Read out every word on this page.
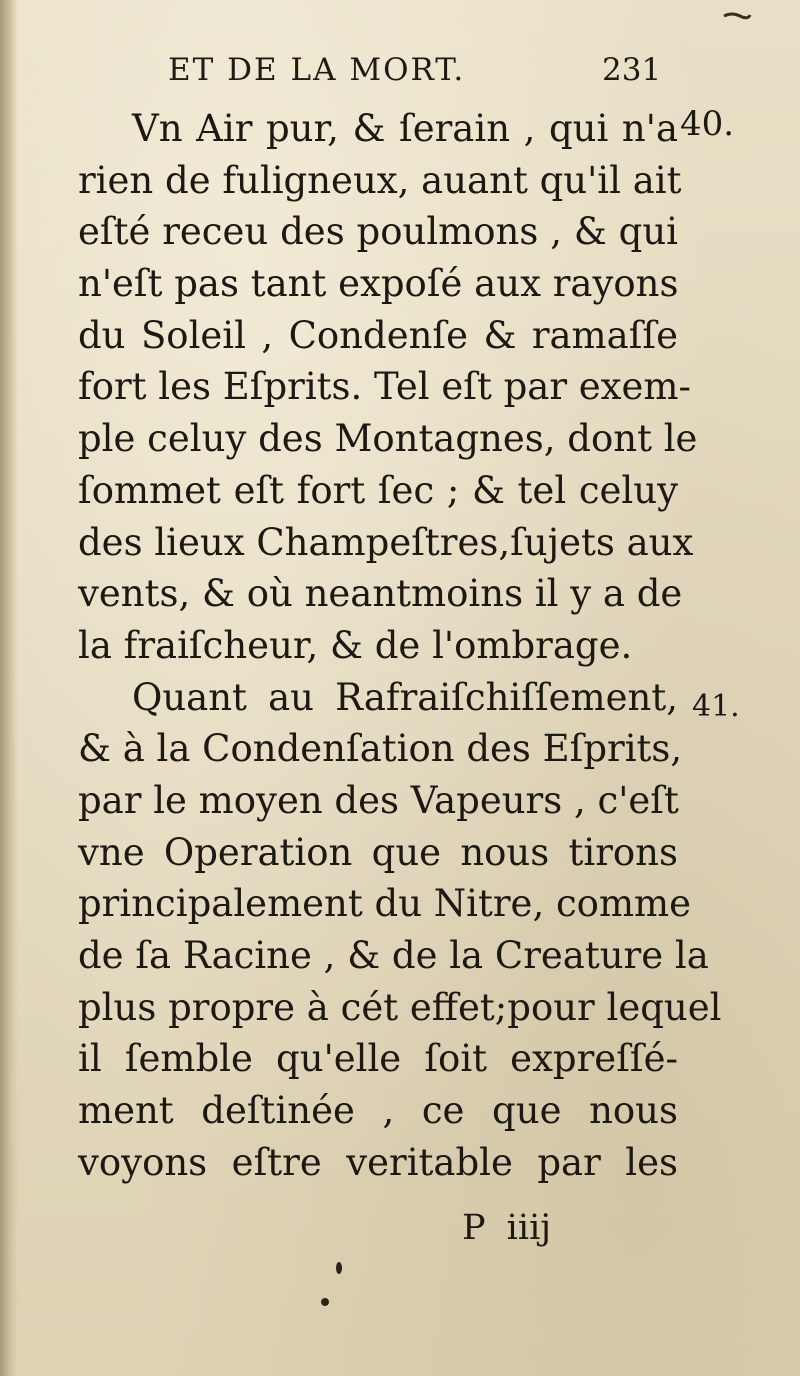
ET DE LA MORT.	231
Vn Air pur, & ſerain , qui n'a
rien de fuligneux, auant qu'il ait
eſté receu des poulmons , & qui
n'eſt pas tant expoſé aux rayons
du Soleil , Condenſe & ramaſſe
fort les Eſprits. Tel eſt par exem-
ple celuy des Montagnes, dont le
ſommet eſt fort ſec ; & tel celuy
des lieux Champeſtres,ſujets aux
vents, & où neantmoins il y a de
la fraiſcheur, & de l'ombrage.
Quant au Rafraiſchiſſement,
& à la Condenſation des Eſprits,
par le moyen des Vapeurs , c'eſt
vne Operation que nous tirons
principalement du Nitre, comme
de ſa Racine , & de la Creature la
plus propre à cét effet;pour lequel
il ſemble qu'elle ſoit expreſſé-
ment deſtinée , ce que nous
voyons eſtre veritable par les
40.
41.
P iiij
